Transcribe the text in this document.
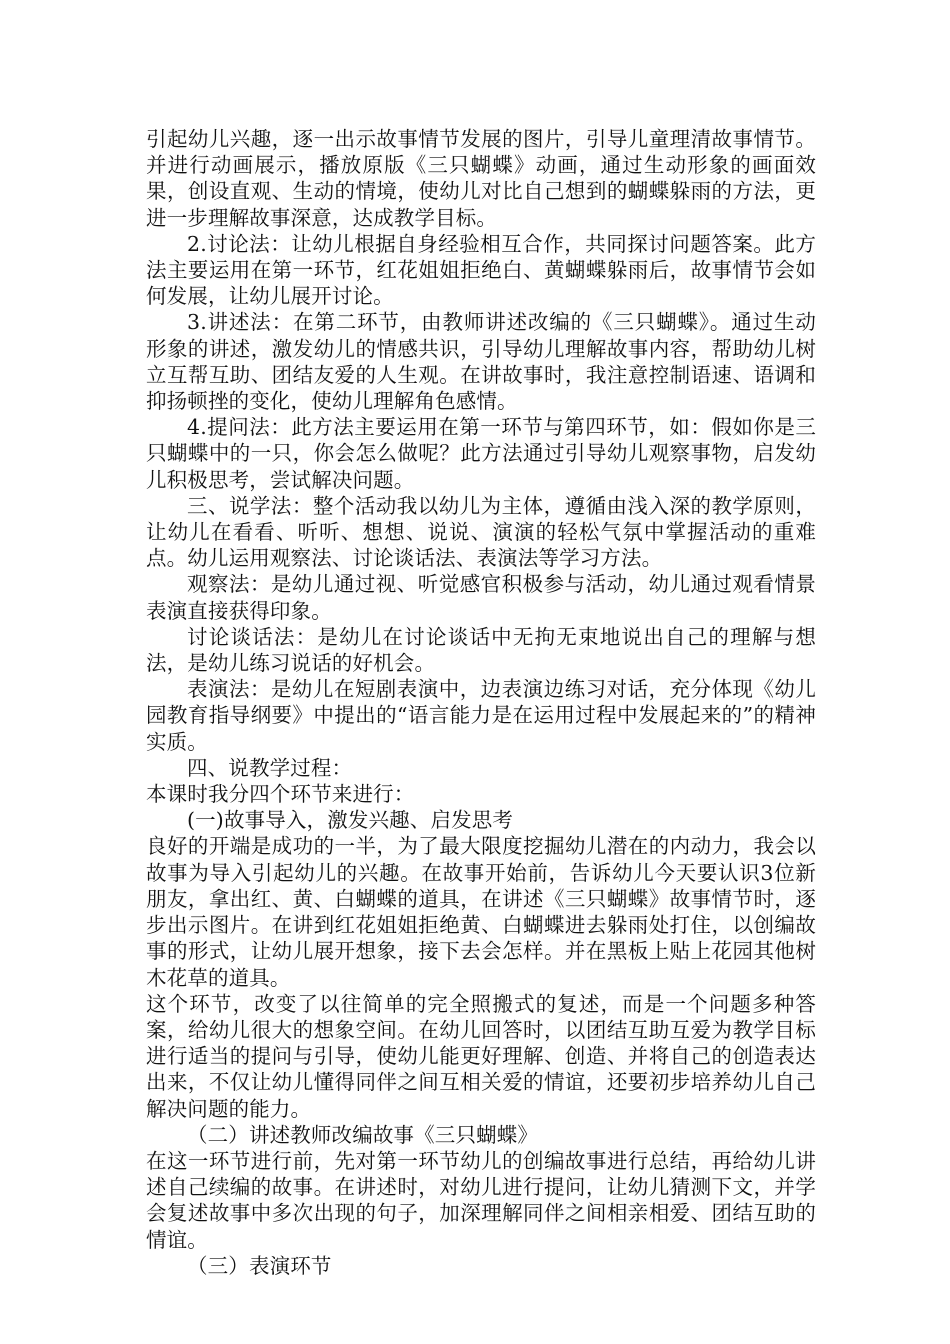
引起幼儿兴趣，逐一出示故事情节发展的图片，引导儿童理清故事情节。并进行动画展示，播放原版《三只蝴蝶》动画，通过生动形象的画面效果，创设直观、生动的情境，使幼儿对比自己想到的蝴蝶躲雨的方法，更进一步理解故事深意，达成教学目标。

2.讨论法：让幼儿根据自身经验相互合作，共同探讨问题答案。此方法主要运用在第一环节，红花姐姐拒绝白、黄蝴蝶躲雨后，故事情节会如何发展，让幼儿展开讨论。

3.讲述法：在第二环节，由教师讲述改编的《三只蝴蝶》。通过生动形象的讲述，激发幼儿的情感共识，引导幼儿理解故事内容，帮助幼儿树立互帮互助、团结友爱的人生观。在讲故事时，我注意控制语速、语调和抑扬顿挫的变化，使幼儿理解角色感情。

4.提问法：此方法主要运用在第一环节与第四环节，如：假如你是三只蝴蝶中的一只，你会怎么做呢？此方法通过引导幼儿观察事物，启发幼儿积极思考，尝试解决问题。

三、说学法：整个活动我以幼儿为主体，遵循由浅入深的教学原则，让幼儿在看看、听听、想想、说说、演演的轻松气氛中掌握活动的重难点。幼儿运用观察法、讨论谈话法、表演法等学习方法。

观察法：是幼儿通过视、听觉感官积极参与活动，幼儿通过观看情景表演直接获得印象。

讨论谈话法：是幼儿在讨论谈话中无拘无束地说出自己的理解与想法，是幼儿练习说话的好机会。

表演法：是幼儿在短剧表演中，边表演边练习对话，充分体现《幼儿园教育指导纲要》中提出的“语言能力是在运用过程中发展起来的”的精神实质。

四、说教学过程：

本课时我分四个环节来进行：

(一)故事导入，激发兴趣、启发思考

良好的开端是成功的一半，为了最大限度挖掘幼儿潜在的内动力，我会以故事为导入引起幼儿的兴趣。在故事开始前，告诉幼儿今天要认识3位新朋友，拿出红、黄、白蝴蝶的道具，在讲述《三只蝴蝶》故事情节时，逐步出示图片。在讲到红花姐姐拒绝黄、白蝴蝶进去躲雨处打住，以创编故事的形式，让幼儿展开想象，接下去会怎样。并在黑板上贴上花园其他树木花草的道具。

这个环节，改变了以往简单的完全照搬式的复述，而是一个问题多种答案，给幼儿很大的想象空间。在幼儿回答时，以团结互助互爱为教学目标进行适当的提问与引导，使幼儿能更好理解、创造、并将自己的创造表达出来，不仅让幼儿懂得同伴之间互相关爱的情谊，还要初步培养幼儿自己解决问题的能力。

（二）讲述教师改编故事《三只蝴蝶》

在这一环节进行前，先对第一环节幼儿的创编故事进行总结，再给幼儿讲述自己续编的故事。在讲述时，对幼儿进行提问，让幼儿猜测下文，并学会复述故事中多次出现的句子，加深理解同伴之间相亲相爱、团结互助的情谊。

（三）表演环节
